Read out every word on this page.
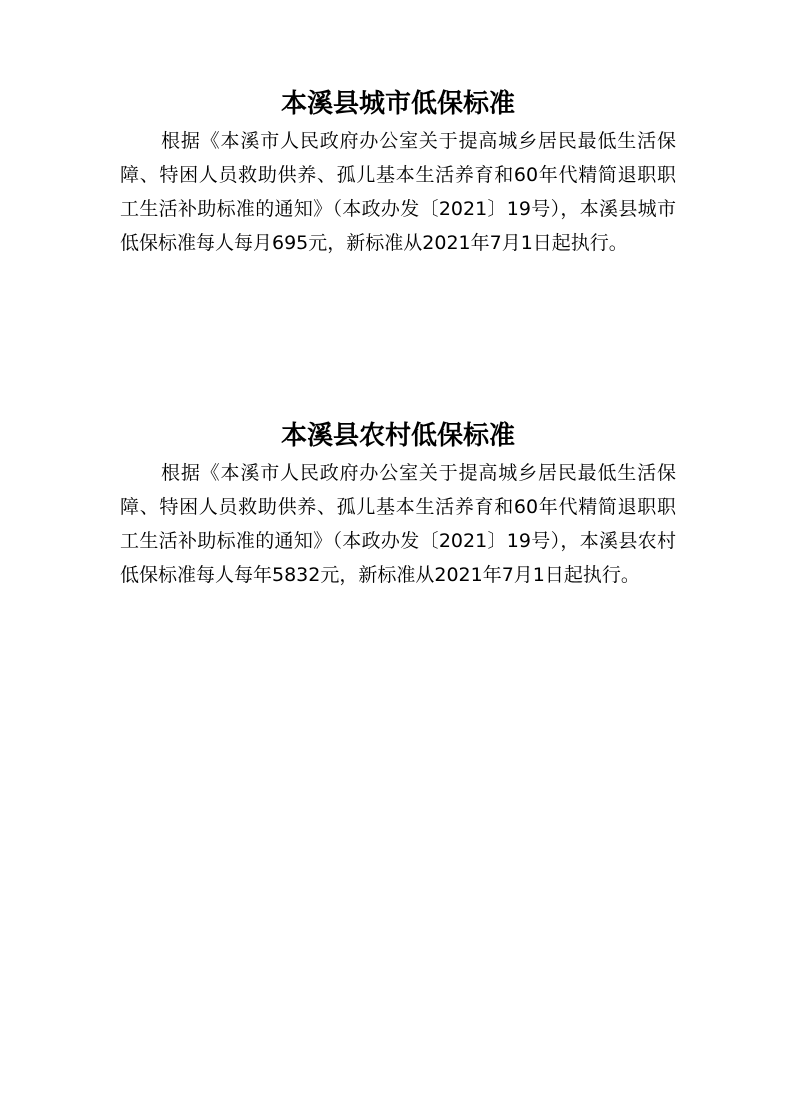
本溪县城市低保标准

根据《本溪市人民政府办公室关于提高城乡居民最低生活保障、特困人员救助供养、孤儿基本生活养育和60年代精简退职职工生活补助标准的通知》（本政办发〔2021〕19号），本溪县城市低保标准每人每月695元，新标准从2021年7月1日起执行。

本溪县农村低保标准

根据《本溪市人民政府办公室关于提高城乡居民最低生活保障、特困人员救助供养、孤儿基本生活养育和60年代精简退职职工生活补助标准的通知》（本政办发〔2021〕19号），本溪县农村低保标准每人每年5832元，新标准从2021年7月1日起执行。
